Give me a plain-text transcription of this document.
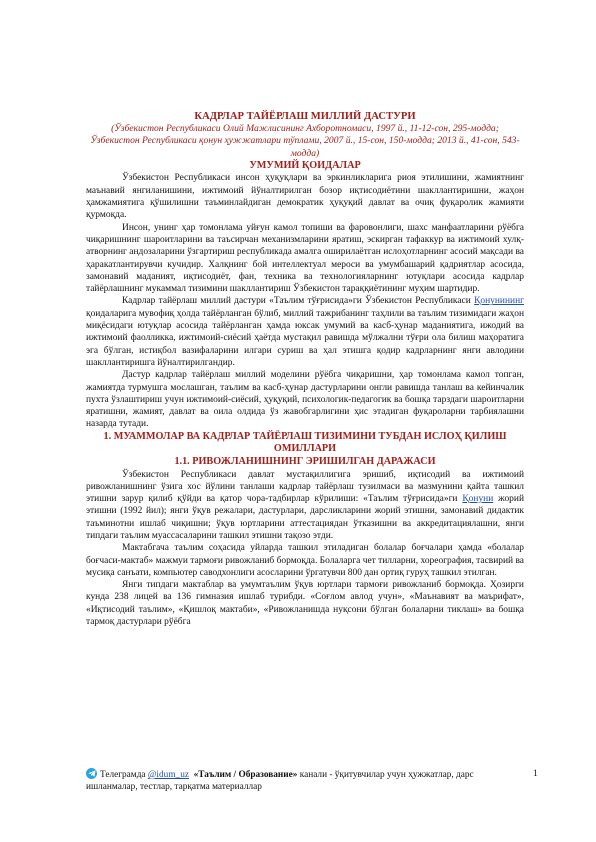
КАДРЛАР ТАЙЁРЛАШ МИЛЛИЙ ДАСТУРИ

(Ўзбекистон Республикаси Олий Мажлисининг Ахборотномаси, 1997 й., 11-12-сон, 295-модда; Ўзбекистон Республикаси қонун ҳужжатлари тўплами, 2007 й., 15-сон, 150-модда; 2013 й., 41-сон, 543-модда)

УМУМИЙ ҚОИДАЛАР

Ўзбекистон Республикаси инсон ҳуқуқлари ва эркинликларига риоя этилишини, жамиятнинг маънавий янгиланишини, ижтимоий йўналтирилган бозор иқтисодиётини шакллантиришни, жаҳон ҳамжамиятига қўшилишни таъминлайдиган демократик ҳуқуқий давлат ва очиқ фуқаролик жамияти қурмоқда.

Инсон, унинг ҳар томонлама уйғун камол топиши ва фаровонлиги, шахс манфаатларини рўёбга чиқаришнинг шароитларини ва таъсирчан механизмларини яратиш, эскирган тафаккур ва ижтимоий хулқ-атворнинг андозаларини ўзгартириш республикада амалга оширилаётган ислоҳотларнинг асосий мақсади ва ҳаракатлантирувчи кучидир. Халқнинг бой интеллектуал мероси ва умумбашарий қадриятлар асосида, замонавий маданият, иқтисодиёт, фан, техника ва технологияларнинг ютуқлари асосида кадрлар тайёрлашнинг мукаммал тизимини шакллантириш Ўзбекистон тараққиётининг муҳим шартидир.

Кадрлар тайёрлаш миллий дастури «Таълим тўғрисида»ги Ўзбекистон Республикаси Қонунининг қоидаларига мувофиқ ҳолда тайёрланган бўлиб, миллий тажрибанинг таҳлили ва таълим тизимидаги жаҳон миқёсидаги ютуқлар асосида тайёрланган ҳамда юксак умумий ва касб-ҳунар маданиятига, ижодий ва ижтимоий фаолликка, ижтимоий-сиёсий ҳаётда мустақил равишда мўлжални тўғри ола билиш маҳоратига эга бўлган, истиқбол вазифаларини илгари суриш ва ҳал этишга қодир кадрларнинг янги авлодини шакллантиришга йўналтирилгандир.

Дастур кадрлар тайёрлаш миллий моделини рўёбга чиқаришни, ҳар томонлама камол топган, жамиятда турмушга мослашган, таълим ва касб-ҳунар дастурларини онгли равишда танлаш ва кейинчалик пухта ўзлаштириш учун ижтимоий-сиёсий, ҳуқуқий, психологик-педагогик ва бошқа тарздаги шароитларни яратишни, жамият, давлат ва оила олдида ўз жавобгарлигини ҳис этадиган фуқароларни тарбиялашни назарда тутади.

1. МУАММОЛАР ВА КАДРЛАР ТАЙЁРЛАШ ТИЗИМИНИ ТУБДАН ИСЛОҲ ҚИЛИШ ОМИЛЛАРИ

1.1. РИВОЖЛАНИШНИНГ ЭРИШИЛГАН ДАРАЖАСИ

Ўзбекистон Республикаси давлат мустақиллигига эришиб, иқтисодий ва ижтимоий ривожланишнинг ўзига хос йўлини танлаши кадрлар тайёрлаш тузилмаси ва мазмунини қайта ташкил этишни зарур қилиб қўйди ва қатор чора-тадбирлар кўрилиши: «Таълим тўғрисида»ги Қонуни жорий этишни (1992 йил); янги ўқув режалари, дастурлари, дарсликларини жорий этишни, замонавий дидактик таъминотни ишлаб чиқишни; ўқув юртларини аттестациядан ўтказишни ва аккредитациялашни, янги типдаги таълим муассасаларини ташкил этишни тақозо этди.

Мактабгача таълим соҳасида уйларда ташкил этиладиган болалар боғчалари ҳамда «болалар боғчаси-мактаб» мажмуи тармоғи ривожланиб бормоқда. Болаларга чет тилларни, хореография, тасвирий ва мусиқа санъати, компьютер саводхонлиги асосларини ўргатувчи 800 дан ортиқ гуруҳ ташкил этилган.

Янги типдаги мактаблар ва умумтаълим ўқув юртлари тармоғи ривожланиб бормоқда. Ҳозирги кунда 238 лицей ва 136 гимназия ишлаб турибди. «Соғлом авлод учун», «Маънавият ва маърифат», «Иқтисодий таълим», «Қишлоқ мактаби», «Ривожланишда нуқсони бўлган болаларни тиклаш» ва бошқа тармоқ дастурлари рўёбга

1
Телеграмда @idum_uz «Таълим / Образование» канали - ўқитувчилар учун ҳужжатлар, дарс ишланмалар, тестлар, тарқатма материаллар
